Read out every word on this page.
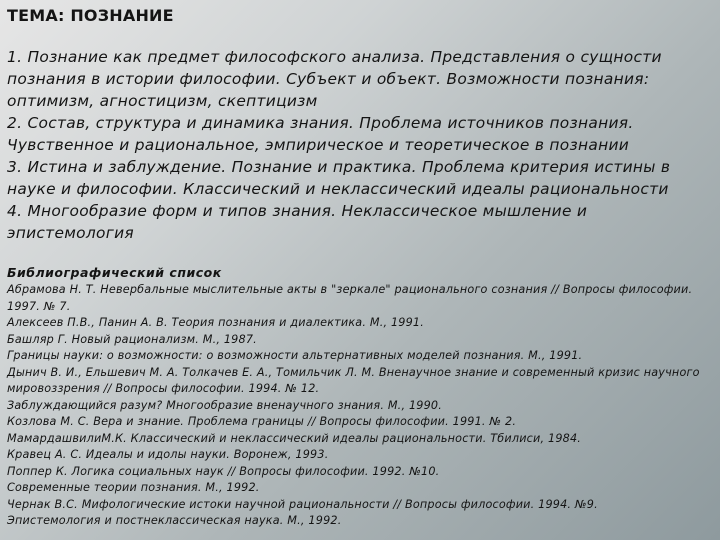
ТЕМА: ПОЗНАНИЕ

1. Познание как предмет философского анализа. Представления о сущности познания в истории философии. Субъект и объект. Возможности познания: оптимизм, агностицизм, скептицизм

2. Состав, структура и динамика знания. Проблема источников познания. Чувственное и рациональное, эмпирическое и теоретическое в познании

3. Истина и заблуждение. Познание и практика. Проблема критерия истины в науке и философии. Классический и неклассический идеалы рациональности

4. Многообразие форм и типов знания. Неклассическое мышление и эпистемология

Библиографический список

Абрамова Н. Т. Невербальные мыслительные акты в "зеркале" рационального сознания // Вопросы философии. 1997. № 7.

Алексеев П.В., Панин А. В. Теория познания и диалектика. М., 1991.

Башляр Г. Новый рационализм. М., 1987.

Границы науки: о возможности: о возможности альтернативных моделей познания. М., 1991.

Дынич В. И., Ельшевич М. А. Толкачев Е. А., Томильчик Л. М. Вненаучное знание и современный кризис научного мировоззрения // Вопросы философии. 1994. № 12.

Заблуждающийся разум? Многообразие вненаучного знания. М., 1990.

Козлова М. С. Вера и знание. Проблема границы // Вопросы философии. 1991. № 2.

МамардашвилиМ.К. Классический и неклассический идеалы рациональности. Тбилиси, 1984.

Кравец А. С. Идеалы и идолы науки. Воронеж, 1993.

Поппер К. Логика социальных наук // Вопросы философии. 1992. №10.

Современные теории познания. М., 1992.

Чернак В.С. Мифологические истоки научной рациональности // Вопросы философии. 1994. №9.

Эпистемология и постнеклассическая наука. М., 1992.
